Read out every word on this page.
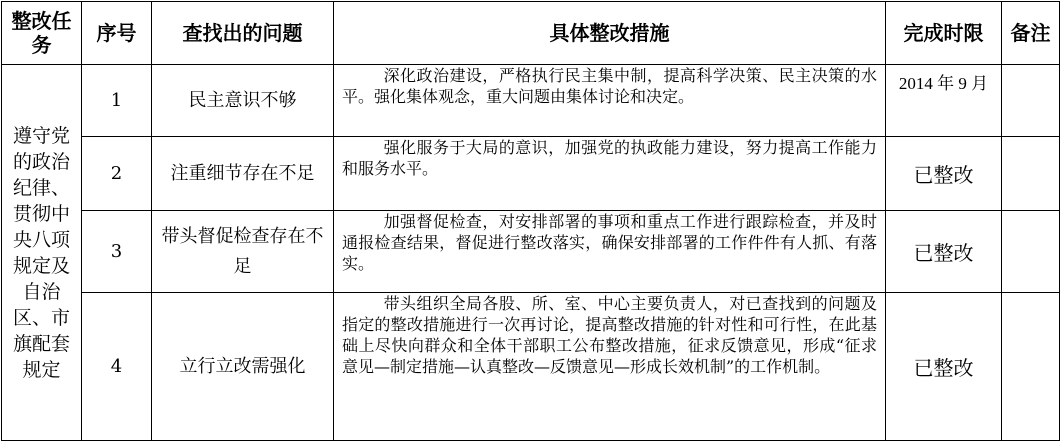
整改任务	序号	查找出的问题	具体整改措施	完成时限	备注
遵守党的政治纪律、贯彻中央八项规定及自治区、市旗配套规定	1	民主意识不够	深化政治建设，严格执行民主集中制，提高科学决策、民主决策的水平。强化集体观念，重大问题由集体讨论和决定。	2014 年 9 月	
	2	注重细节存在不足	强化服务于大局的意识，加强党的执政能力建设，努力提高工作能力和服务水平。	已整改	
	3	带头督促检查存在不足	加强督促检查，对安排部署的事项和重点工作进行跟踪检查，并及时通报检查结果，督促进行整改落实，确保安排部署的工作件件有人抓、有落实。	已整改	
	4	立行立改需强化	带头组织全局各股、所、室、中心主要负责人，对已查找到的问题及指定的整改措施进行一次再讨论，提高整改措施的针对性和可行性，在此基础上尽快向群众和全体干部职工公布整改措施，征求反馈意见，形成“征求意见—制定措施—认真整改—反馈意见—形成长效机制”的工作机制。	已整改	
